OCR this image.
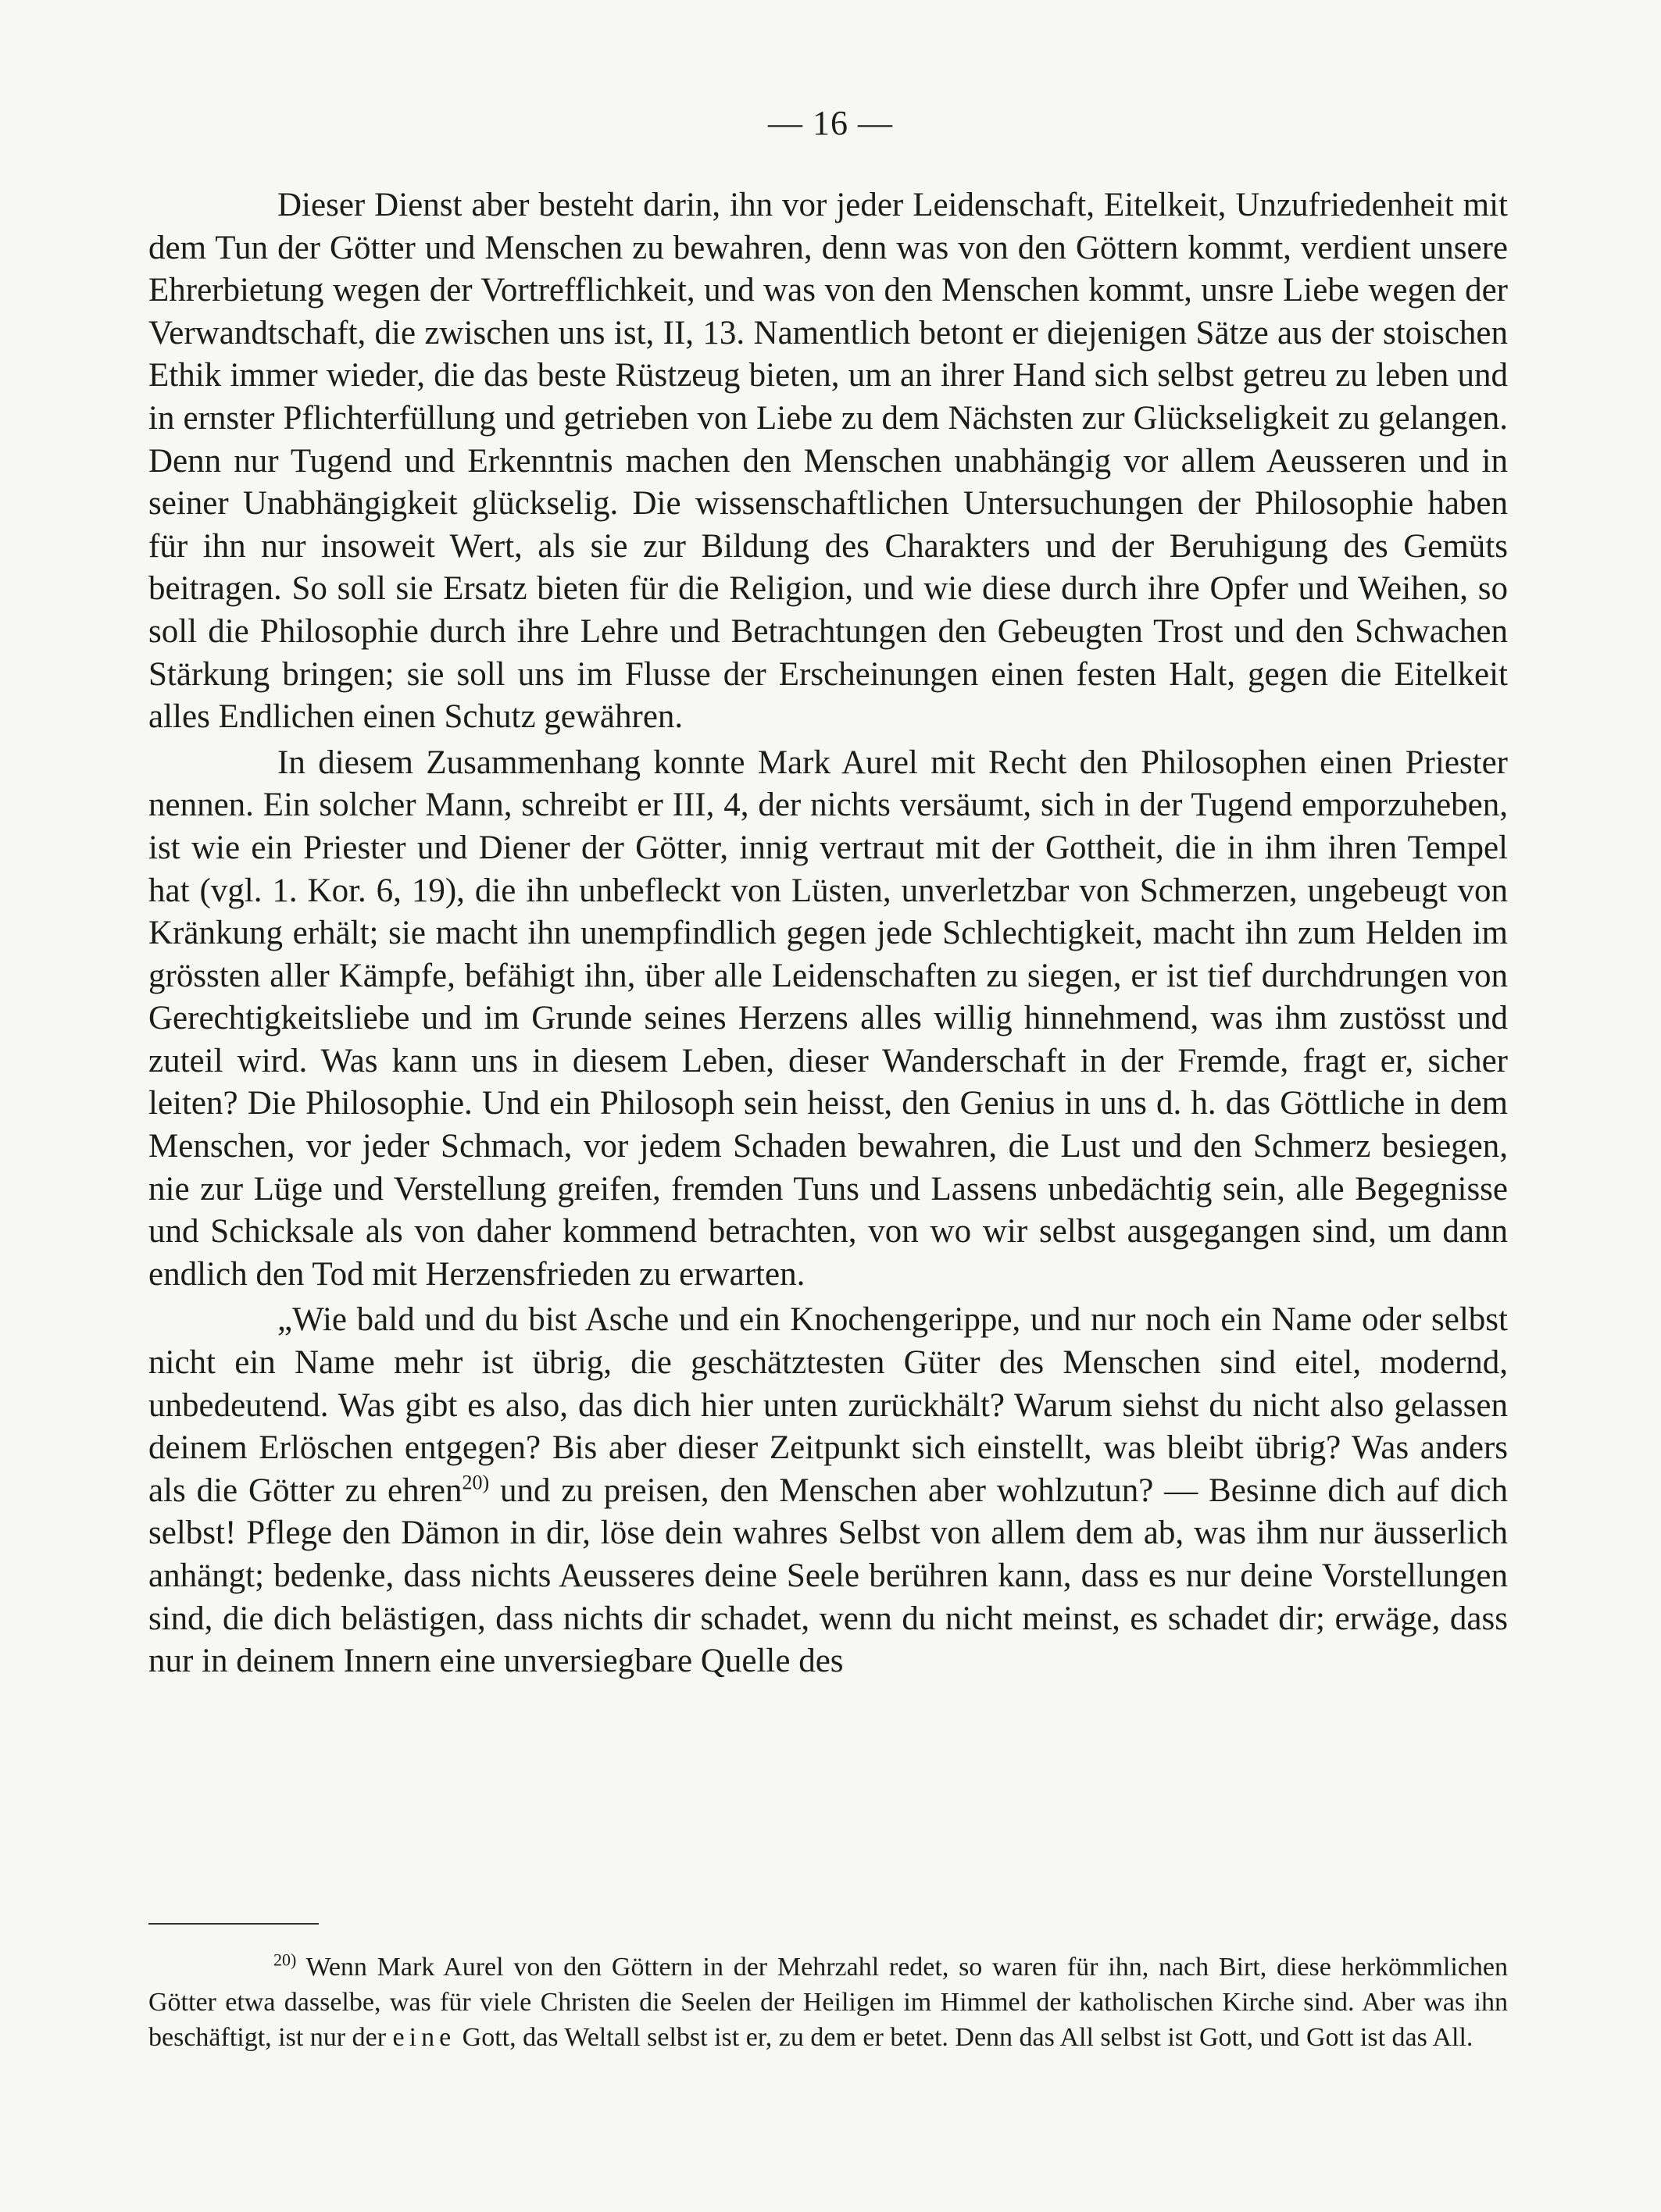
— 16 —

Dieser Dienst aber besteht darin, ihn vor jeder Leidenschaft, Eitelkeit, Unzufriedenheit mit dem Tun der Götter und Menschen zu bewahren, denn was von den Göttern kommt, verdient unsere Ehrerbietung wegen der Vortrefflichkeit, und was von den Menschen kommt, unsre Liebe wegen der Verwandtschaft, die zwischen uns ist, II, 13. Namentlich betont er diejenigen Sätze aus der stoischen Ethik immer wieder, die das beste Rüstzeug bieten, um an ihrer Hand sich selbst getreu zu leben und in ernster Pflichterfüllung und getrieben von Liebe zu dem Nächsten zur Glückseligkeit zu gelangen. Denn nur Tugend und Erkenntnis machen den Menschen unabhängig vor allem Aeusseren und in seiner Unabhängigkeit glückselig. Die wissenschaftlichen Untersuchungen der Philosophie haben für ihn nur insoweit Wert, als sie zur Bildung des Charakters und der Beruhigung des Gemüts beitragen. So soll sie Ersatz bieten für die Religion, und wie diese durch ihre Opfer und Weihen, so soll die Philosophie durch ihre Lehre und Betrachtungen den Gebeugten Trost und den Schwachen Stärkung bringen; sie soll uns im Flusse der Erscheinungen einen festen Halt, gegen die Eitelkeit alles Endlichen einen Schutz gewähren.

In diesem Zusammenhang konnte Mark Aurel mit Recht den Philosophen einen Priester nennen. Ein solcher Mann, schreibt er III, 4, der nichts versäumt, sich in der Tugend emporzuheben, ist wie ein Priester und Diener der Götter, innig vertraut mit der Gottheit, die in ihm ihren Tempel hat (vgl. 1. Kor. 6, 19), die ihn unbefleckt von Lüsten, unverletzbar von Schmerzen, ungebeugt von Kränkung erhält; sie macht ihn unempfindlich gegen jede Schlechtigkeit, macht ihn zum Helden im grössten aller Kämpfe, befähigt ihn, über alle Leidenschaften zu siegen, er ist tief durchdrungen von Gerechtigkeitsliebe und im Grunde seines Herzens alles willig hinnehmend, was ihm zustösst und zuteil wird. Was kann uns in diesem Leben, dieser Wanderschaft in der Fremde, fragt er, sicher leiten? Die Philosophie. Und ein Philosoph sein heisst, den Genius in uns d. h. das Göttliche in dem Menschen, vor jeder Schmach, vor jedem Schaden bewahren, die Lust und den Schmerz besiegen, nie zur Lüge und Verstellung greifen, fremden Tuns und Lassens unbedächtig sein, alle Begegnisse und Schicksale als von daher kommend betrachten, von wo wir selbst ausgegangen sind, um dann endlich den Tod mit Herzensfrieden zu erwarten.

„Wie bald und du bist Asche und ein Knochengerippe, und nur noch ein Name oder selbst nicht ein Name mehr ist übrig, die geschätztesten Güter des Menschen sind eitel, modernd, unbedeutend. Was gibt es also, das dich hier unten zurückhält? Warum siehst du nicht also gelassen deinem Erlöschen entgegen? Bis aber dieser Zeitpunkt sich einstellt, was bleibt übrig? Was anders als die Götter zu ehren$^{20)}$ und zu preisen, den Menschen aber wohlzutun? — Besinne dich auf dich selbst! Pflege den Dämon in dir, löse dein wahres Selbst von allem dem ab, was ihm nur äusserlich anhängt; bedenke, dass nichts Aeusseres deine Seele berühren kann, dass es nur deine Vorstellungen sind, die dich belästigen, dass nichts dir schadet, wenn du nicht meinst, es schadet dir; erwäge, dass nur in deinem Innern eine unversiegbare Quelle des

$^{20)}$ Wenn Mark Aurel von den Göttern in der Mehrzahl redet, so waren für ihn, nach Birt, diese herkömmlichen Götter etwa dasselbe, was für viele Christen die Seelen der Heiligen im Himmel der katholischen Kirche sind. Aber was ihn beschäftigt, ist nur der eine Gott, das Weltall selbst ist er, zu dem er betet. Denn das All selbst ist Gott, und Gott ist das All.
